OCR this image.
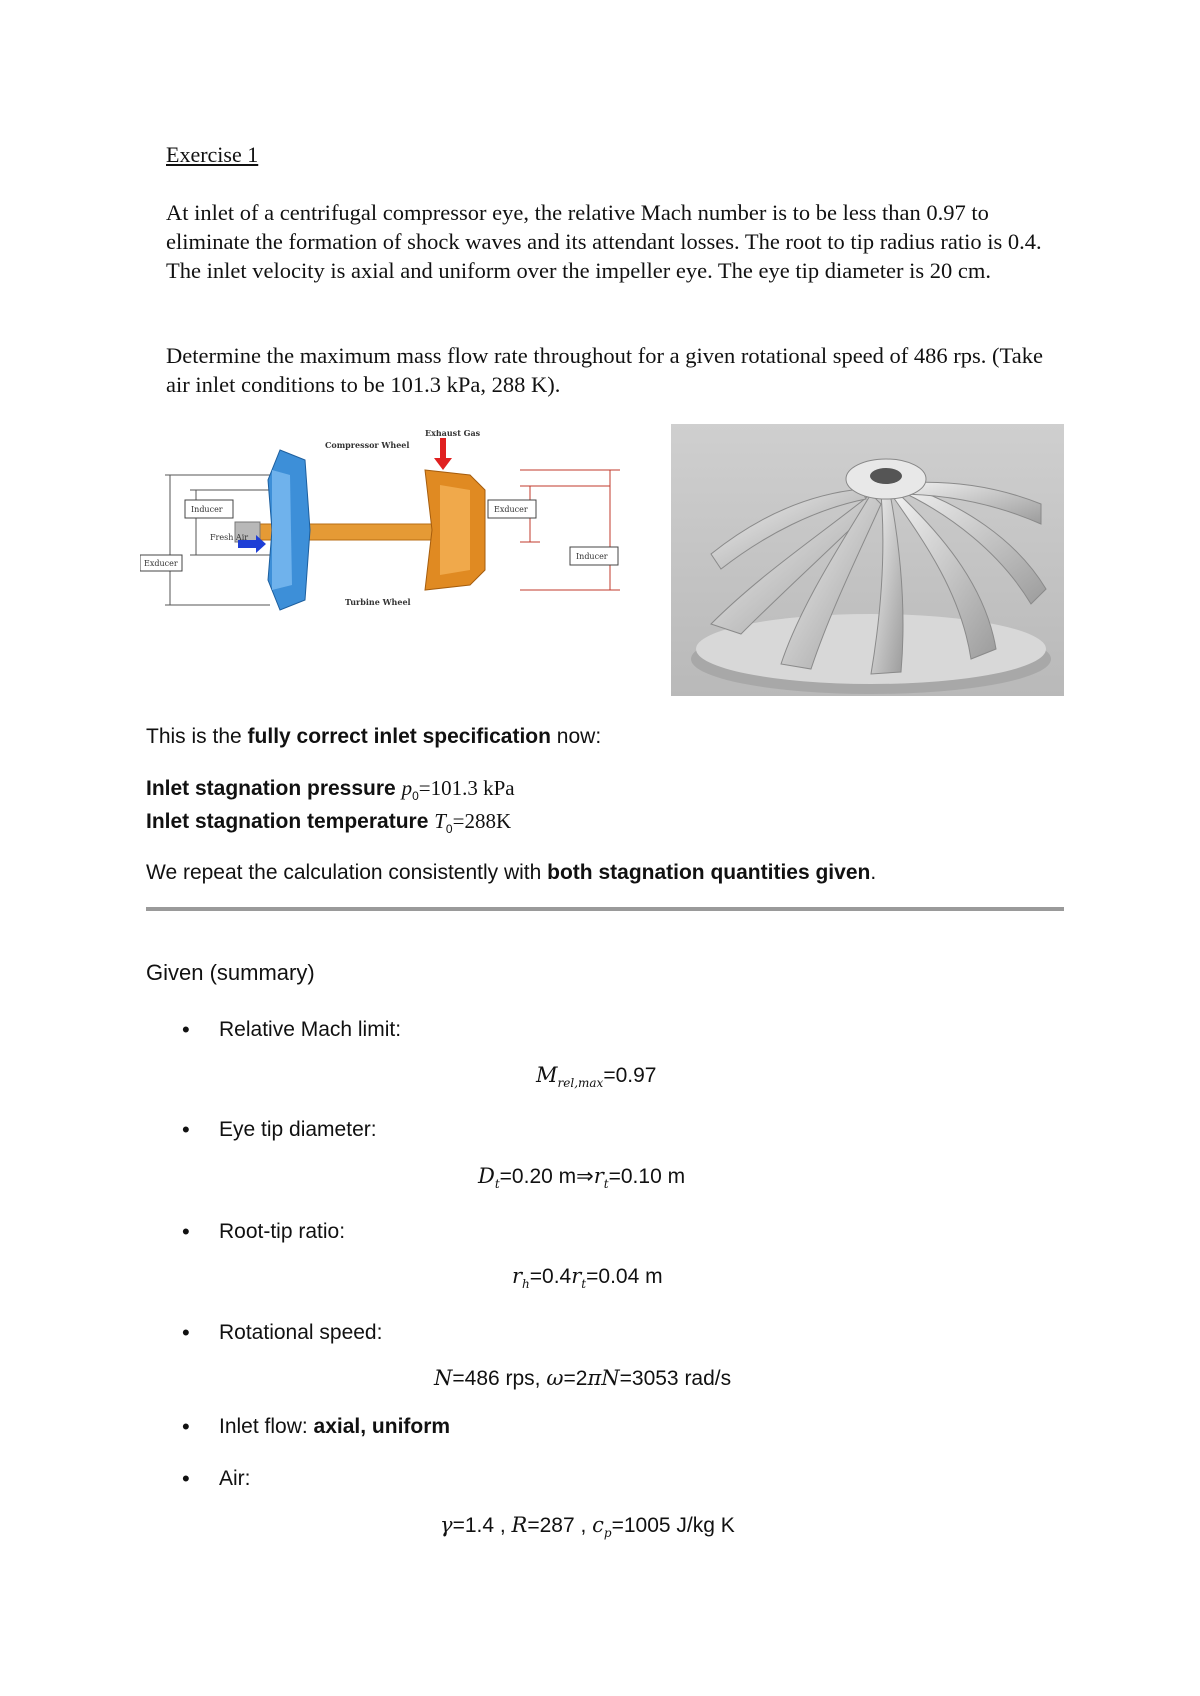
Exercise 1
At inlet of a centrifugal compressor eye, the relative Mach number is to be less than 0.97 to eliminate the formation of shock waves and its attendant losses. The root to tip radius ratio is 0.4. The inlet velocity is axial and uniform over the impeller eye. The eye tip diameter is 20 cm.
Determine the maximum mass flow rate throughout for a given rotational speed of 486 rps. (Take air inlet conditions to be 101.3 kPa, 288 K).
Inducer
Exducer
Exducer
Inducer
Fresh Air
Compressor Wheel
Exhaust Gas
Turbine Wheel
This is the fully correct inlet specification now:
Inlet stagnation pressure $p_0=101.3$ kPa
Inlet stagnation temperature $T_0=288K$
We repeat the calculation consistently with both stagnation quantities given.
Given (summary)
• Relative Mach limit:
$M_{rel,max}=0.97$
• Eye tip diameter:
$D_t=0.20$ $m\Rightarrow r_t=0.10$ m
• Root-tip ratio:
$r_h=0.4r_t=0.04$ m
• Rotational speed:
N=486 rps, ω=2πN=3053 rad/s
• Inlet flow: axial, uniform
• Air:
γ=1.4 , R=287 , $c_p=1005$ J/kg K
